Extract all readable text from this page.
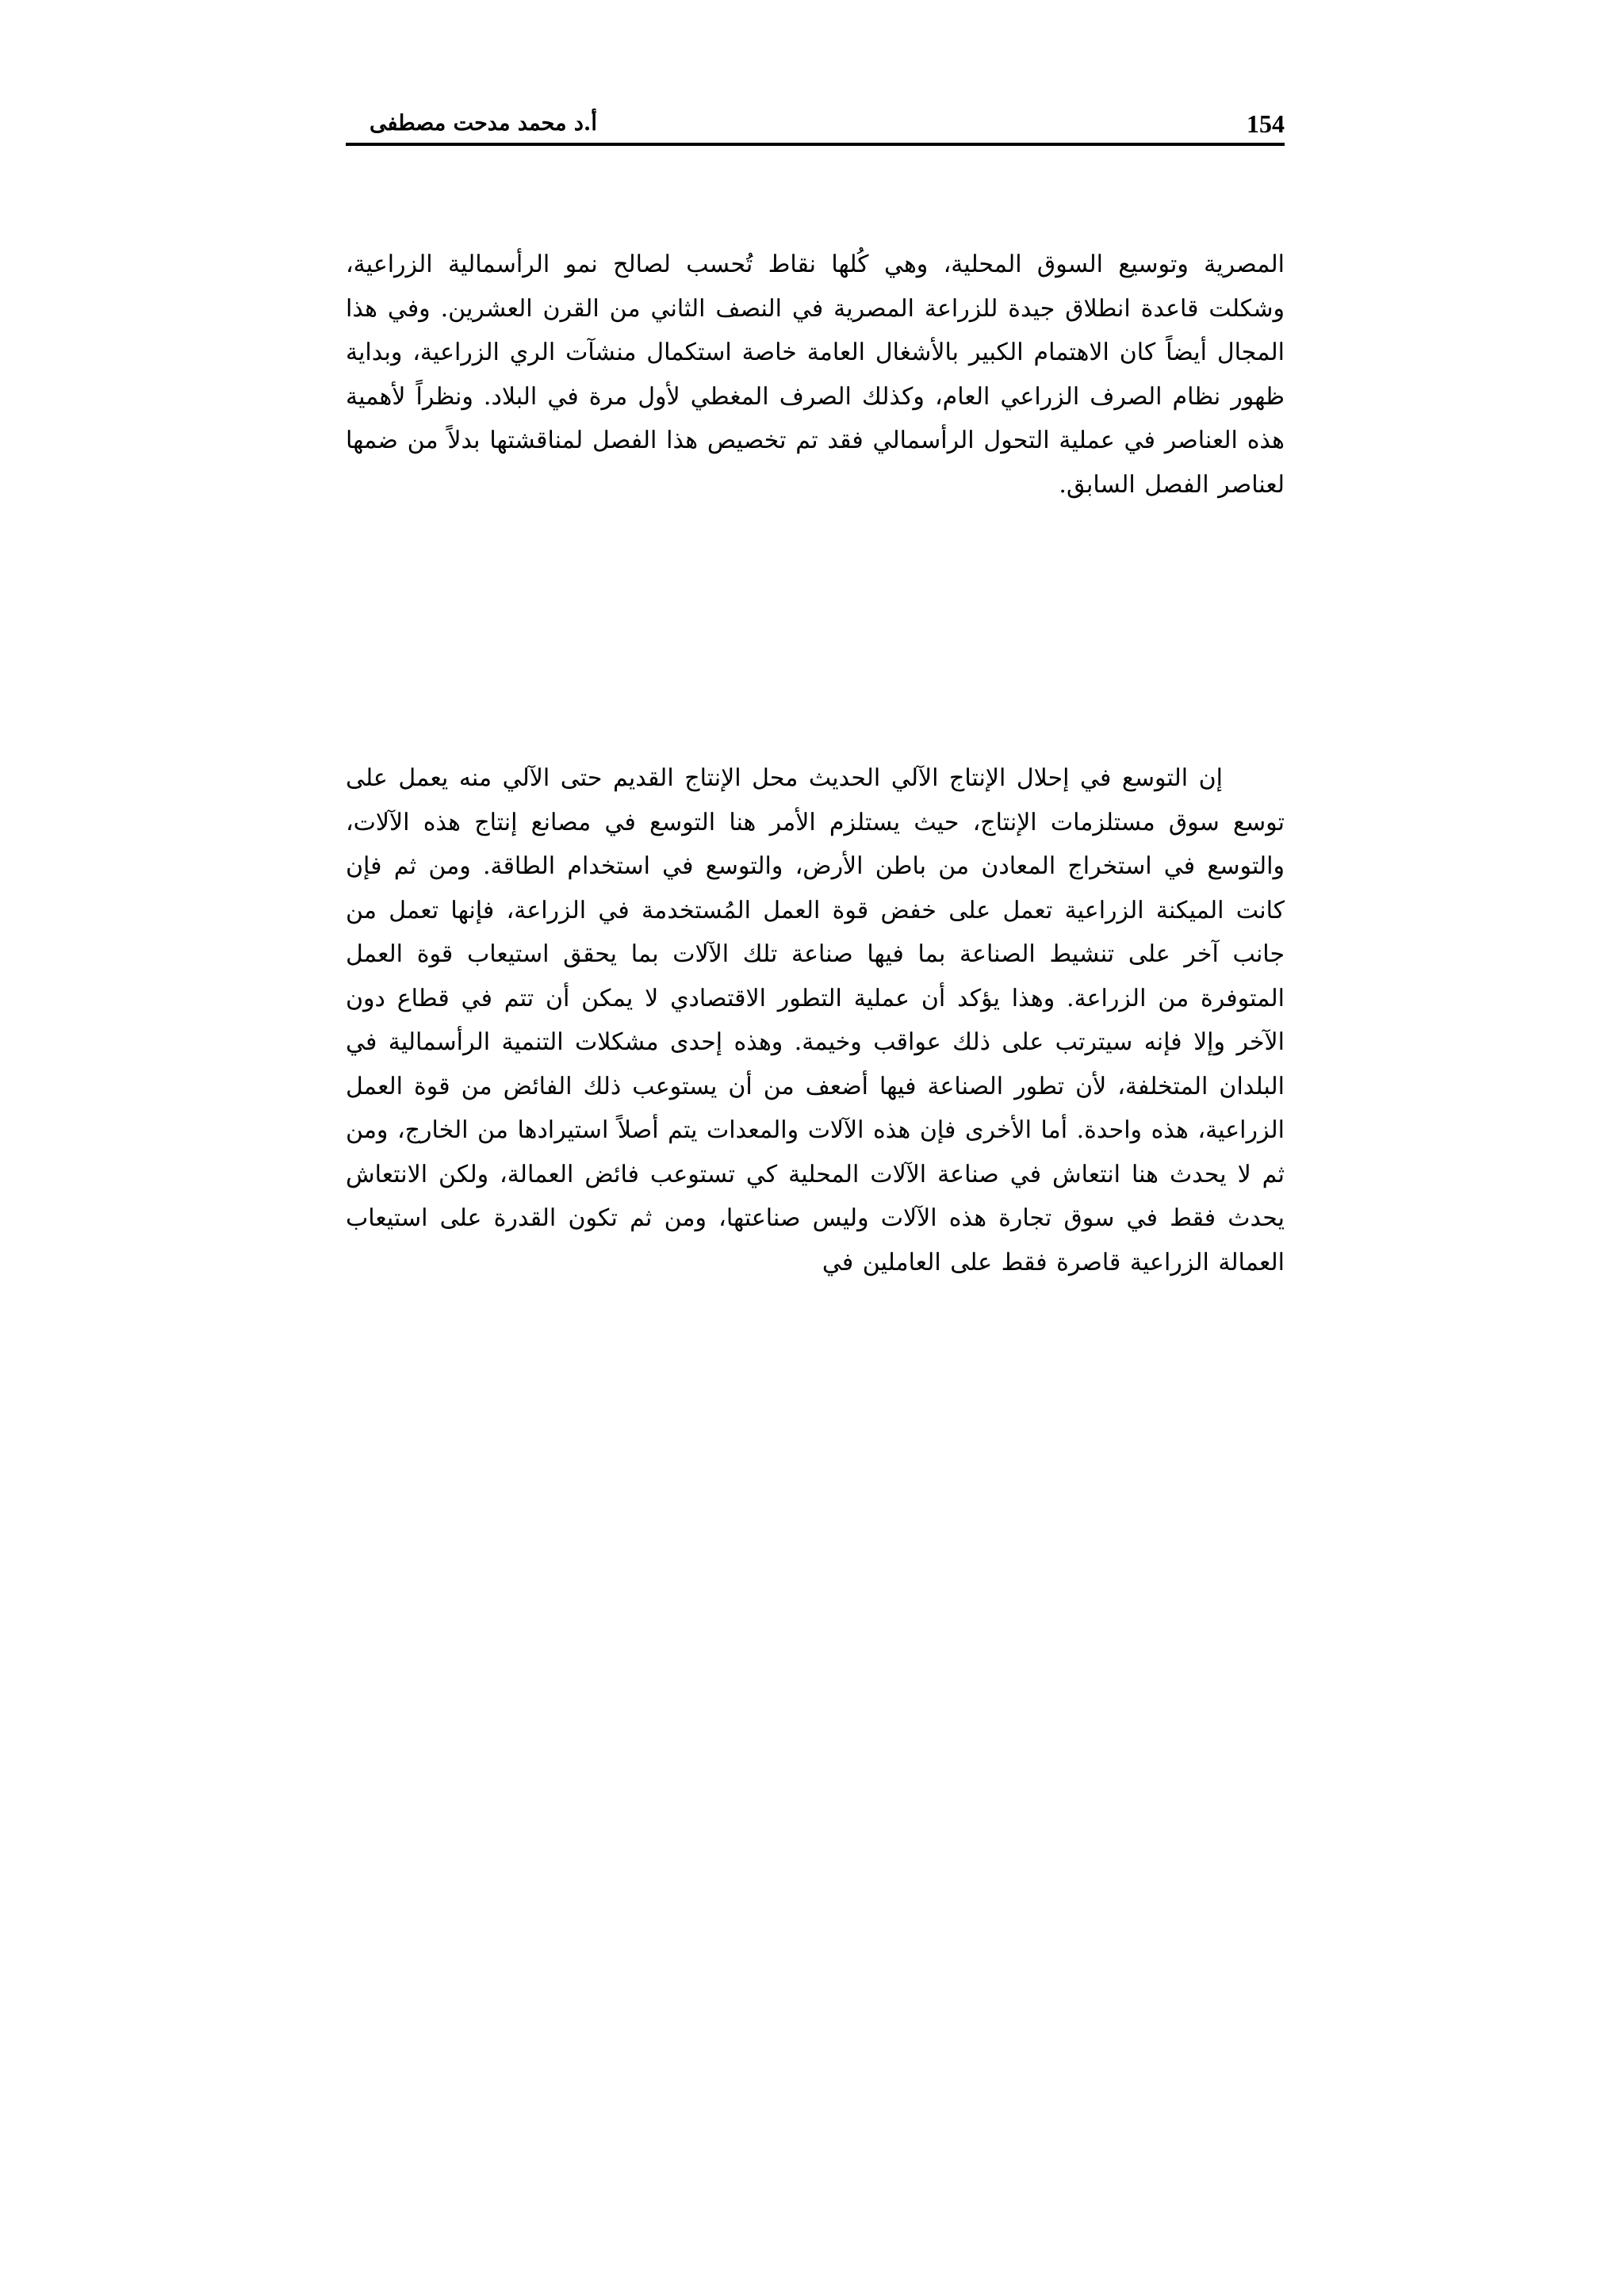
154
أ.د محمد مدحت مصطفى

المصرية وتوسيع السوق المحلية، وهي كُلها نقاط تُحسب لصالح نمو الرأسمالية الزراعية، وشكلت قاعدة انطلاق جيدة للزراعة المصرية في النصف الثاني من القرن العشرين. وفي هذا المجال أيضاً كان الاهتمام الكبير بالأشغال العامة خاصة استكمال منشآت الري الزراعية، وبداية ظهور نظام الصرف الزراعي العام، وكذلك الصرف المغطي لأول مرة في البلاد. ونظراً لأهمية هذه العناصر في عملية التحول الرأسمالي فقد تم تخصيص هذا الفصل لمناقشتها بدلاً من ضمها لعناصر الفصل السابق.

إن التوسع في إحلال الإنتاج الآلي الحديث محل الإنتاج القديم حتى الآلي منه يعمل على توسع سوق مستلزمات الإنتاج، حيث يستلزم الأمر هنا التوسع في مصانع إنتاج هذه الآلات، والتوسع في استخراج المعادن من باطن الأرض، والتوسع في استخدام الطاقة. ومن ثم فإن كانت الميكنة الزراعية تعمل على خفض قوة العمل المُستخدمة في الزراعة، فإنها تعمل من جانب آخر على تنشيط الصناعة بما فيها صناعة تلك الآلات بما يحقق استيعاب قوة العمل المتوفرة من الزراعة. وهذا يؤكد أن عملية التطور الاقتصادي لا يمكن أن تتم في قطاع دون الآخر وإلا فإنه سيترتب على ذلك عواقب وخيمة. وهذه إحدى مشكلات التنمية الرأسمالية في البلدان المتخلفة، لأن تطور الصناعة فيها أضعف من أن يستوعب ذلك الفائض من قوة العمل الزراعية، هذه واحدة. أما الأخرى فإن هذه الآلات والمعدات يتم أصلاً استيرادها من الخارج، ومن ثم لا يحدث هنا انتعاش في صناعة الآلات المحلية كي تستوعب فائض العمالة، ولكن الانتعاش يحدث فقط في سوق تجارة هذه الآلات وليس صناعتها، ومن ثم تكون القدرة على استيعاب العمالة الزراعية قاصرة فقط على العاملين في
